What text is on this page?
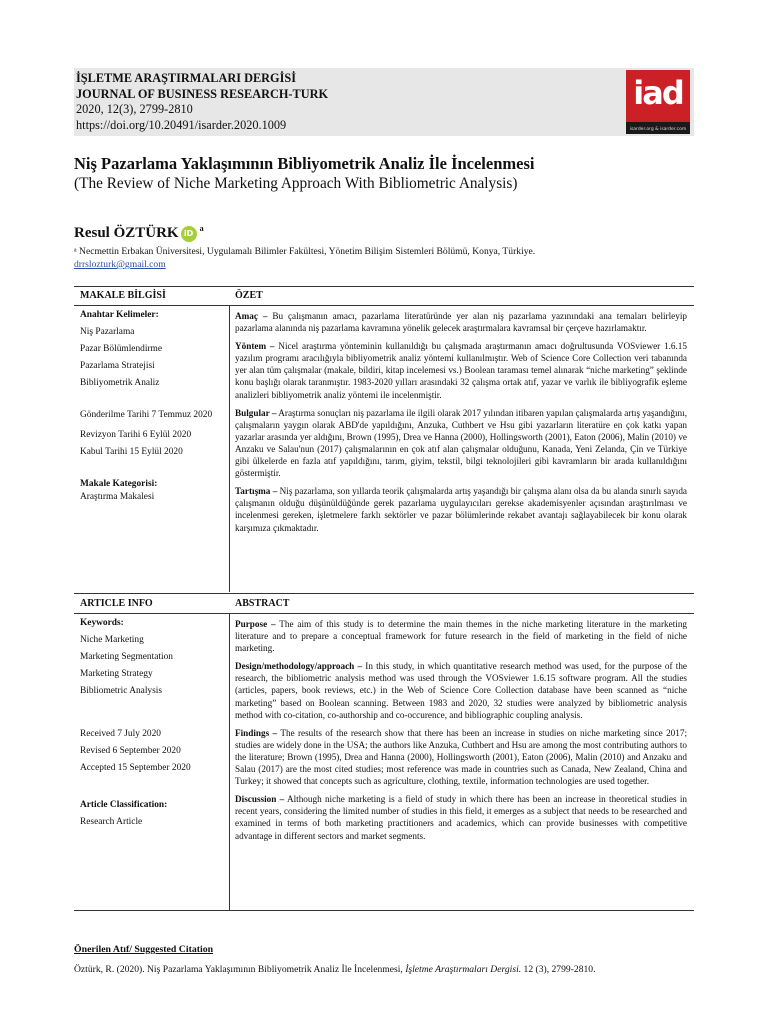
İŞLETME ARAŞTIRMALARI DERGİSİ
JOURNAL OF BUSINESS RESEARCH-TURK
2020, 12(3), 2799-2810
https://doi.org/10.20491/isarder.2020.1009
iad
isarder.org & isarder.com
Niş Pazarlama Yaklaşımının Bibliyometrik Analiz İle İncelenmesi
(The Review of Niche Marketing Approach With Bibliometric Analysis)
Resul ÖZTÜRK $iD^a$
ᵃ Necmettin Erbakan Üniversitesi, Uygulamalı Bilimler Fakültesi, Yönetim Bilişim Sistemleri Bölümü, Konya, Türkiye.
drrslozturk@gmail.com
MAKALE BİLGİSİ	ÖZET
Anahtar Kelimeler:
Niş Pazarlama
Pazar Bölümlendirme
Pazarlama Stratejisi
Bibliyometrik Analiz
Gönderilme Tarihi 7 Temmuz 2020
Revizyon Tarihi 6 Eylül 2020
Kabul Tarihi 15 Eylül 2020
Makale Kategorisi:
Araştırma Makalesi

Amaç – Bu çalışmanın amacı, pazarlama literatüründe yer alan niş pazarlama yazınındaki ana temaları belirleyip pazarlama alanında niş pazarlama kavramına yönelik gelecek araştırmalara kavramsal bir çerçeve hazırlamaktır.

Yöntem – Nicel araştırma yönteminin kullanıldığı bu çalışmada araştırmanın amacı doğrultusunda VOSviewer 1.6.15 yazılım programı aracılığıyla bibliyometrik analiz yöntemi kullanılmıştır. Web of Science Core Collection veri tabanında yer alan tüm çalışmalar (makale, bildiri, kitap incelemesi vs.) Boolean taraması temel alınarak “niche marketing” şeklinde konu başlığı olarak taranmıştır. 1983-2020 yılları arasındaki 32 çalışma ortak atıf, yazar ve varlık ile bibliyografik eşleme analizleri bibliyometrik analiz yöntemi ile incelenmiştir.

Bulgular – Araştırma sonuçları niş pazarlama ile ilgili olarak 2017 yılından itibaren yapılan çalışmalarda artış yaşandığını, çalışmaların yaygın olarak ABD'de yapıldığını, Anzuka, Cuthbert ve Hsu gibi yazarların literatüre en çok katkı yapan yazarlar arasında yer aldığını, Brown (1995), Drea ve Hanna (2000), Hollingsworth (2001), Eaton (2006), Malin (2010) ve Anzaku ve Salau'nun (2017) çalışmalarının en çok atıf alan çalışmalar olduğunu, Kanada, Yeni Zelanda, Çin ve Türkiye gibi ülkelerde en fazla atıf yapıldığını, tarım, giyim, tekstil, bilgi teknolojileri gibi kavramların bir arada kullanıldığını göstermiştir.

Tartışma – Niş pazarlama, son yıllarda teorik çalışmalarda artış yaşandığı bir çalışma alanı olsa da bu alanda sınırlı sayıda çalışmanın olduğu düşünüldüğünde gerek pazarlama uygulayıcıları gerekse akademisyenler açısından araştırılması ve incelenmesi gereken, işletmelere farklı sektörler ve pazar bölümlerinde rekabet avantajı sağlayabilecek bir konu olarak karşımıza çıkmaktadır.

ARTICLE INFO	ABSTRACT
Keywords:
Niche Marketing
Marketing Segmentation
Marketing Strategy
Bibliometric Analysis
Received 7 July 2020
Revised 6 September 2020
Accepted 15 September 2020
Article Classification:
Research Article

Purpose – The aim of this study is to determine the main themes in the niche marketing literature in the marketing literature and to prepare a conceptual framework for future research in the field of marketing in the field of niche marketing.

Design/methodology/approach – In this study, in which quantitative research method was used, for the purpose of the research, the bibliometric analysis method was used through the VOSviewer 1.6.15 software program. All the studies (articles, papers, book reviews, etc.) in the Web of Science Core Collection database have been scanned as “niche marketing” based on Boolean scanning. Between 1983 and 2020, 32 studies were analyzed by bibliometric analysis method with co-citation, co-authorship and co-occurence, and bibliographic coupling analysis.

Findings – The results of the research show that there has been an increase in studies on niche marketing since 2017; studies are widely done in the USA; the authors like Anzuka, Cuthbert and Hsu are among the most contributing authors to the literature; Brown (1995), Drea and Hanna (2000), Hollingsworth (2001), Eaton (2006), Malin (2010) and Anzaku and Salau (2017) are the most cited studies; most reference was made in countries such as Canada, New Zealand, China and Turkey; it showed that concepts such as agriculture, clothing, textile, information technologies are used together.

Discussion – Although niche marketing is a field of study in which there has been an increase in theoretical studies in recent years, considering the limited number of studies in this field, it emerges as a subject that needs to be researched and examined in terms of both marketing practitioners and academics, which can provide businesses with competitive advantage in different sectors and market segments.

Önerilen Atıf/ Suggested Citation
Öztürk, R. (2020). Niş Pazarlama Yaklaşımının Bibliyometrik Analiz İle İncelenmesi, İşletme Araştırmaları Dergisi. 12 (3), 2799-2810.
